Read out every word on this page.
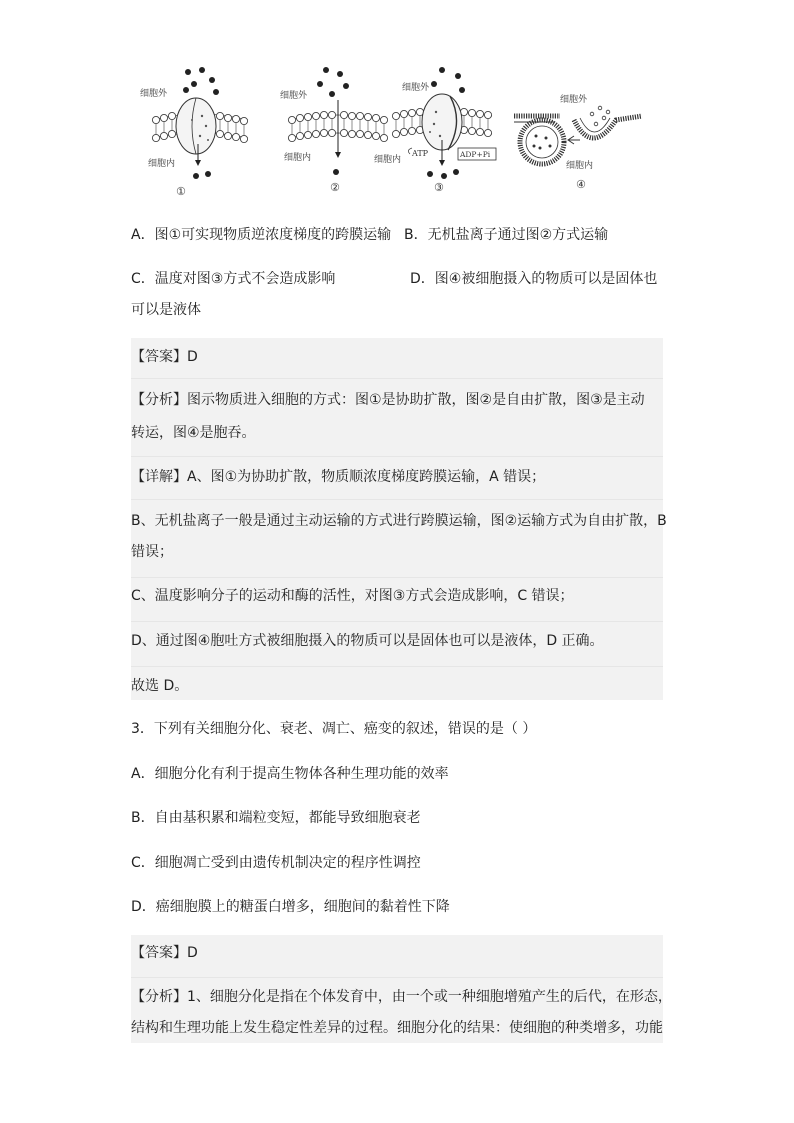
细胞外
细胞内
①
细胞外
细胞内
②
细胞外
细胞内
ATP	ADP+Pi
③
细胞外
细胞内
④
A．图①可实现物质逆浓度梯度的跨膜运输 B．无机盐离子通过图②方式运输
C．温度对图③方式不会造成影响	D．图④被细胞摄入的物质可以是固体也
可以是液体
【答案】D
【分析】图示物质进入细胞的方式：图①是协助扩散，图②是自由扩散，图③是主动
转运，图④是胞吞。
【详解】A、图①为协助扩散，物质顺浓度梯度跨膜运输，A 错误；
B、无机盐离子一般是通过主动运输的方式进行跨膜运输，图②运输方式为自由扩散，B
错误；
C、温度影响分子的运动和酶的活性，对图③方式会造成影响，C 错误；
D、通过图④胞吐方式被细胞摄入的物质可以是固体也可以是液体，D 正确。
故选 D。
3．下列有关细胞分化、衰老、凋亡、癌变的叙述，错误的是（ ）
A．细胞分化有利于提高生物体各种生理功能的效率
B．自由基积累和端粒变短，都能导致细胞衰老
C．细胞凋亡受到由遗传机制决定的程序性调控
D．癌细胞膜上的糖蛋白增多，细胞间的黏着性下降
【答案】D
【分析】1、细胞分化是指在个体发育中，由一个或一种细胞增殖产生的后代，在形态，
结构和生理功能上发生稳定性差异的过程。细胞分化的结果：使细胞的种类增多，功能
